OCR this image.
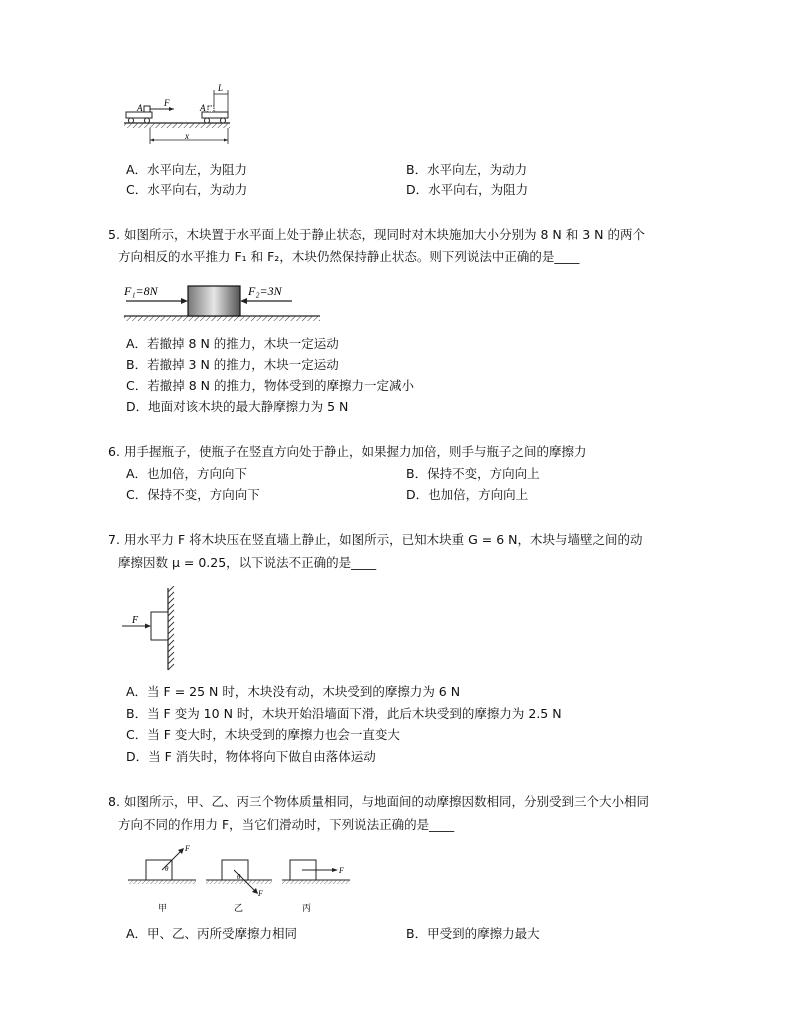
A F	A
L
x
A．水平向左，为阻力	B．水平向左，为动力
C．水平向右，为动力	D．水平向右，为阻力
5. 如图所示，木块置于水平面上处于静止状态，现同时对木块施加大小分别为 8 N 和 3 N 的两个
方向相反的水平推力 F₁ 和 F₂，木块仍然保持静止状态。则下列说法中正确的是____
F₁=8N	F₂=3N
A．若撤掉 8 N 的推力，木块一定运动
B．若撤掉 3 N 的推力，木块一定运动
C．若撤掉 8 N 的推力，物体受到的摩擦力一定减小
D．地面对该木块的最大静摩擦力为 5 N
6. 用手握瓶子，使瓶子在竖直方向处于静止，如果握力加倍，则手与瓶子之间的摩擦力
A．也加倍，方向向下	B．保持不变，方向向上
C．保持不变，方向向下	D．也加倍，方向向上
7. 用水平力 F 将木块压在竖直墙上静止，如图所示，已知木块重 G = 6 N，木块与墙壁之间的动
摩擦因数 μ = 0.25，以下说法不正确的是____
F
A．当 F = 25 N 时，木块没有动，木块受到的摩擦力为 6 N
B．当 F 变为 10 N 时，木块开始沿墙面下滑，此后木块受到的摩擦力为 2.5 N
C．当 F 变大时，木块受到的摩擦力也会一直变大
D．当 F 消失时，物体将向下做自由落体运动
8. 如图所示，甲、乙、丙三个物体质量相同，与地面间的动摩擦因数相同，分别受到三个大小相同
方向不同的作用力 F，当它们滑动时，下列说法正确的是____
F
θ
甲
F
θ
乙
F
丙
A．甲、乙、丙所受摩擦力相同	B．甲受到的摩擦力最大
